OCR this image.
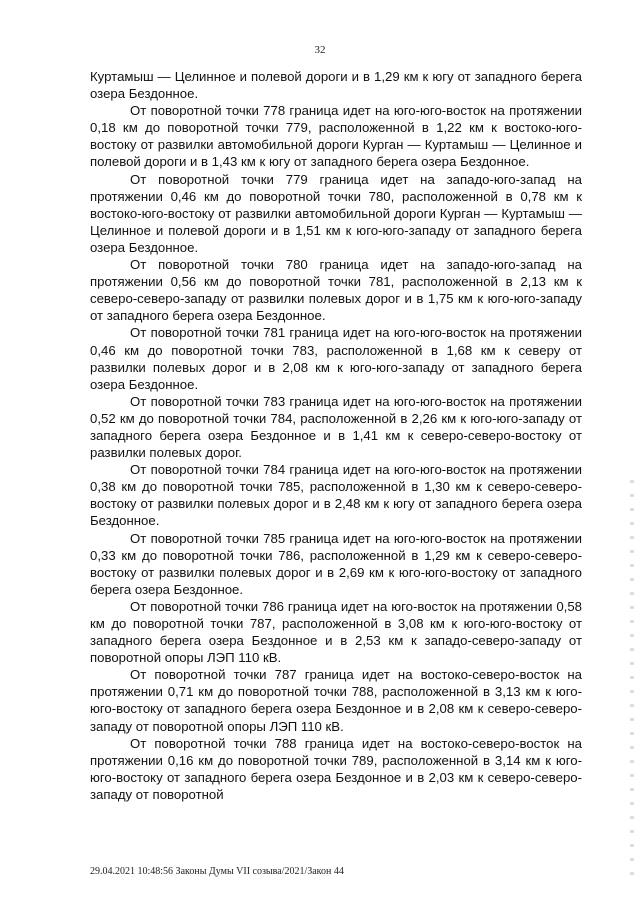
32

Куртамыш — Целинное и полевой дороги и в 1,29 км к югу от западного берега озера Бездонное.

От поворотной точки 778 граница идет на юго-юго-восток на протяжении 0,18 км до поворотной точки 779, расположенной в 1,22 км к востоко-юго-востоку от развилки автомобильной дороги Курган — Куртамыш — Целинное и полевой дороги и в 1,43 км к югу от западного берега озера Бездонное.

От поворотной точки 779 граница идет на западо-юго-запад на протяжении 0,46 км до поворотной точки 780, расположенной в 0,78 км к востоко-юго-востоку от развилки автомобильной дороги Курган — Куртамыш — Целинное и полевой дороги и в 1,51 км к юго-юго-западу от западного берега озера Бездонное.

От поворотной точки 780 граница идет на западо-юго-запад на протяжении 0,56 км до поворотной точки 781, расположенной в 2,13 км к северо-северо-западу от развилки полевых дорог и в 1,75 км к юго-юго-западу от западного берега озера Бездонное.

От поворотной точки 781 граница идет на юго-юго-восток на протяжении 0,46 км до поворотной точки 783, расположенной в 1,68 км к северу от развилки полевых дорог и в 2,08 км к юго-юго-западу от западного берега озера Бездонное.

От поворотной точки 783 граница идет на юго-юго-восток на протяжении 0,52 км до поворотной точки 784, расположенной в 2,26 км к юго-юго-западу от западного берега озера Бездонное и в 1,41 км к северо-северо-востоку от развилки полевых дорог.

От поворотной точки 784 граница идет на юго-юго-восток на протяжении 0,38 км до поворотной точки 785, расположенной в 1,30 км к северо-северо-востоку от развилки полевых дорог и в 2,48 км к югу от западного берега озера Бездонное.

От поворотной точки 785 граница идет на юго-юго-восток на протяжении 0,33 км до поворотной точки 786, расположенной в 1,29 км к северо-северо-востоку от развилки полевых дорог и в 2,69 км к юго-юго-востоку от западного берега озера Бездонное.

От поворотной точки 786 граница идет на юго-восток на протяжении 0,58 км до поворотной точки 787, расположенной в 3,08 км к юго-юго-востоку от западного берега озера Бездонное и в 2,53 км к западо-северо-западу от поворотной опоры ЛЭП 110 кВ.

От поворотной точки 787 граница идет на востоко-северо-восток на протяжении 0,71 км до поворотной точки 788, расположенной в 3,13 км к юго-юго-востоку от западного берега озера Бездонное и в 2,08 км к северо-северо-западу от поворотной опоры ЛЭП 110 кВ.

От поворотной точки 788 граница идет на востоко-северо-восток на протяжении 0,16 км до поворотной точки 789, расположенной в 3,14 км к юго-юго-востоку от западного берега озера Бездонное и в 2,03 км к северо-северо-западу от поворотной

29.04.2021 10:48:56 Законы Думы VII созыва/2021/Закон 44
